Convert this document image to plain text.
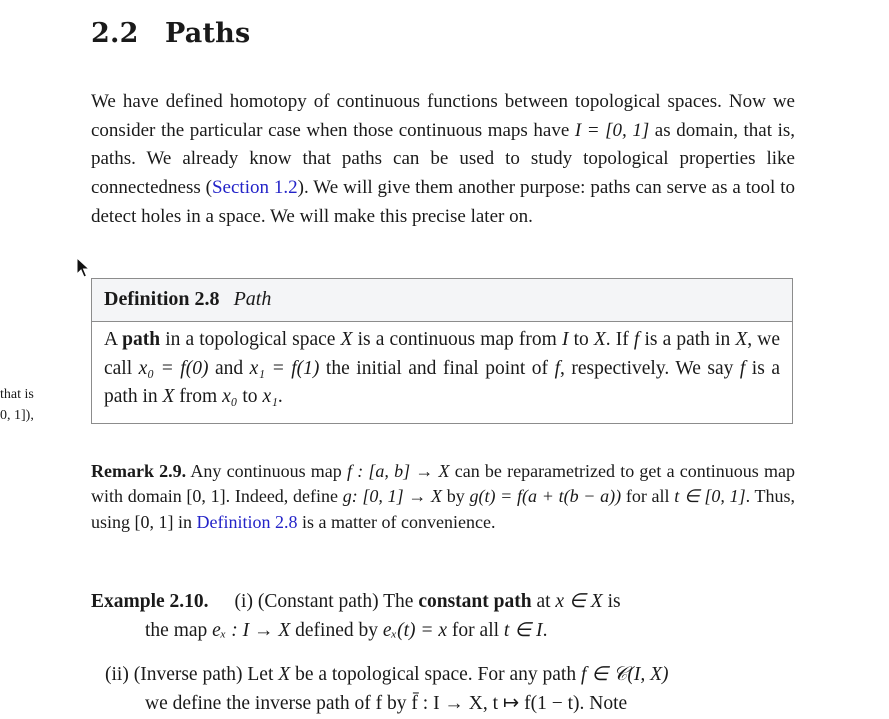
2.2 Paths

We have defined homotopy of continuous functions between topological spaces. Now we consider the particular case when those continuous maps have I = [0, 1] as domain, that is, paths. We already know that paths can be used to study topological properties like connectedness (Section 1.2). We will give them another purpose: paths can serve as a tool to detect holes in a space. We will make this precise later on.

Definition 2.8 Path
A path in a topological space X is a continuous map from I to X. If f is a path in X, we call x₀ = f(0) and x₁ = f(1) the initial and final point of f, respectively. We say f is a path in X from x₀ to x₁.

Remark 2.9. Any continuous map f : [a, b] → X can be reparametrized to get a continuous map with domain [0, 1]. Indeed, define g: [0, 1] → X by g(t) = f(a + t(b − a)) for all t ∈ [0, 1]. Thus, using [0, 1] in Definition 2.8 is a matter of convenience.

Example 2.10. (i) (Constant path) The constant path at x ∈ X is
the map eₓ : I → X defined by eₓ(t) = x for all t ∈ I.
(ii) (Inverse path) Let X be a topological space. For any path f ∈ 𝒞(I, X)
we define the inverse path of f by f̄ : I → X, t ↦ f(1 − t). Note
that is
0, 1]),
